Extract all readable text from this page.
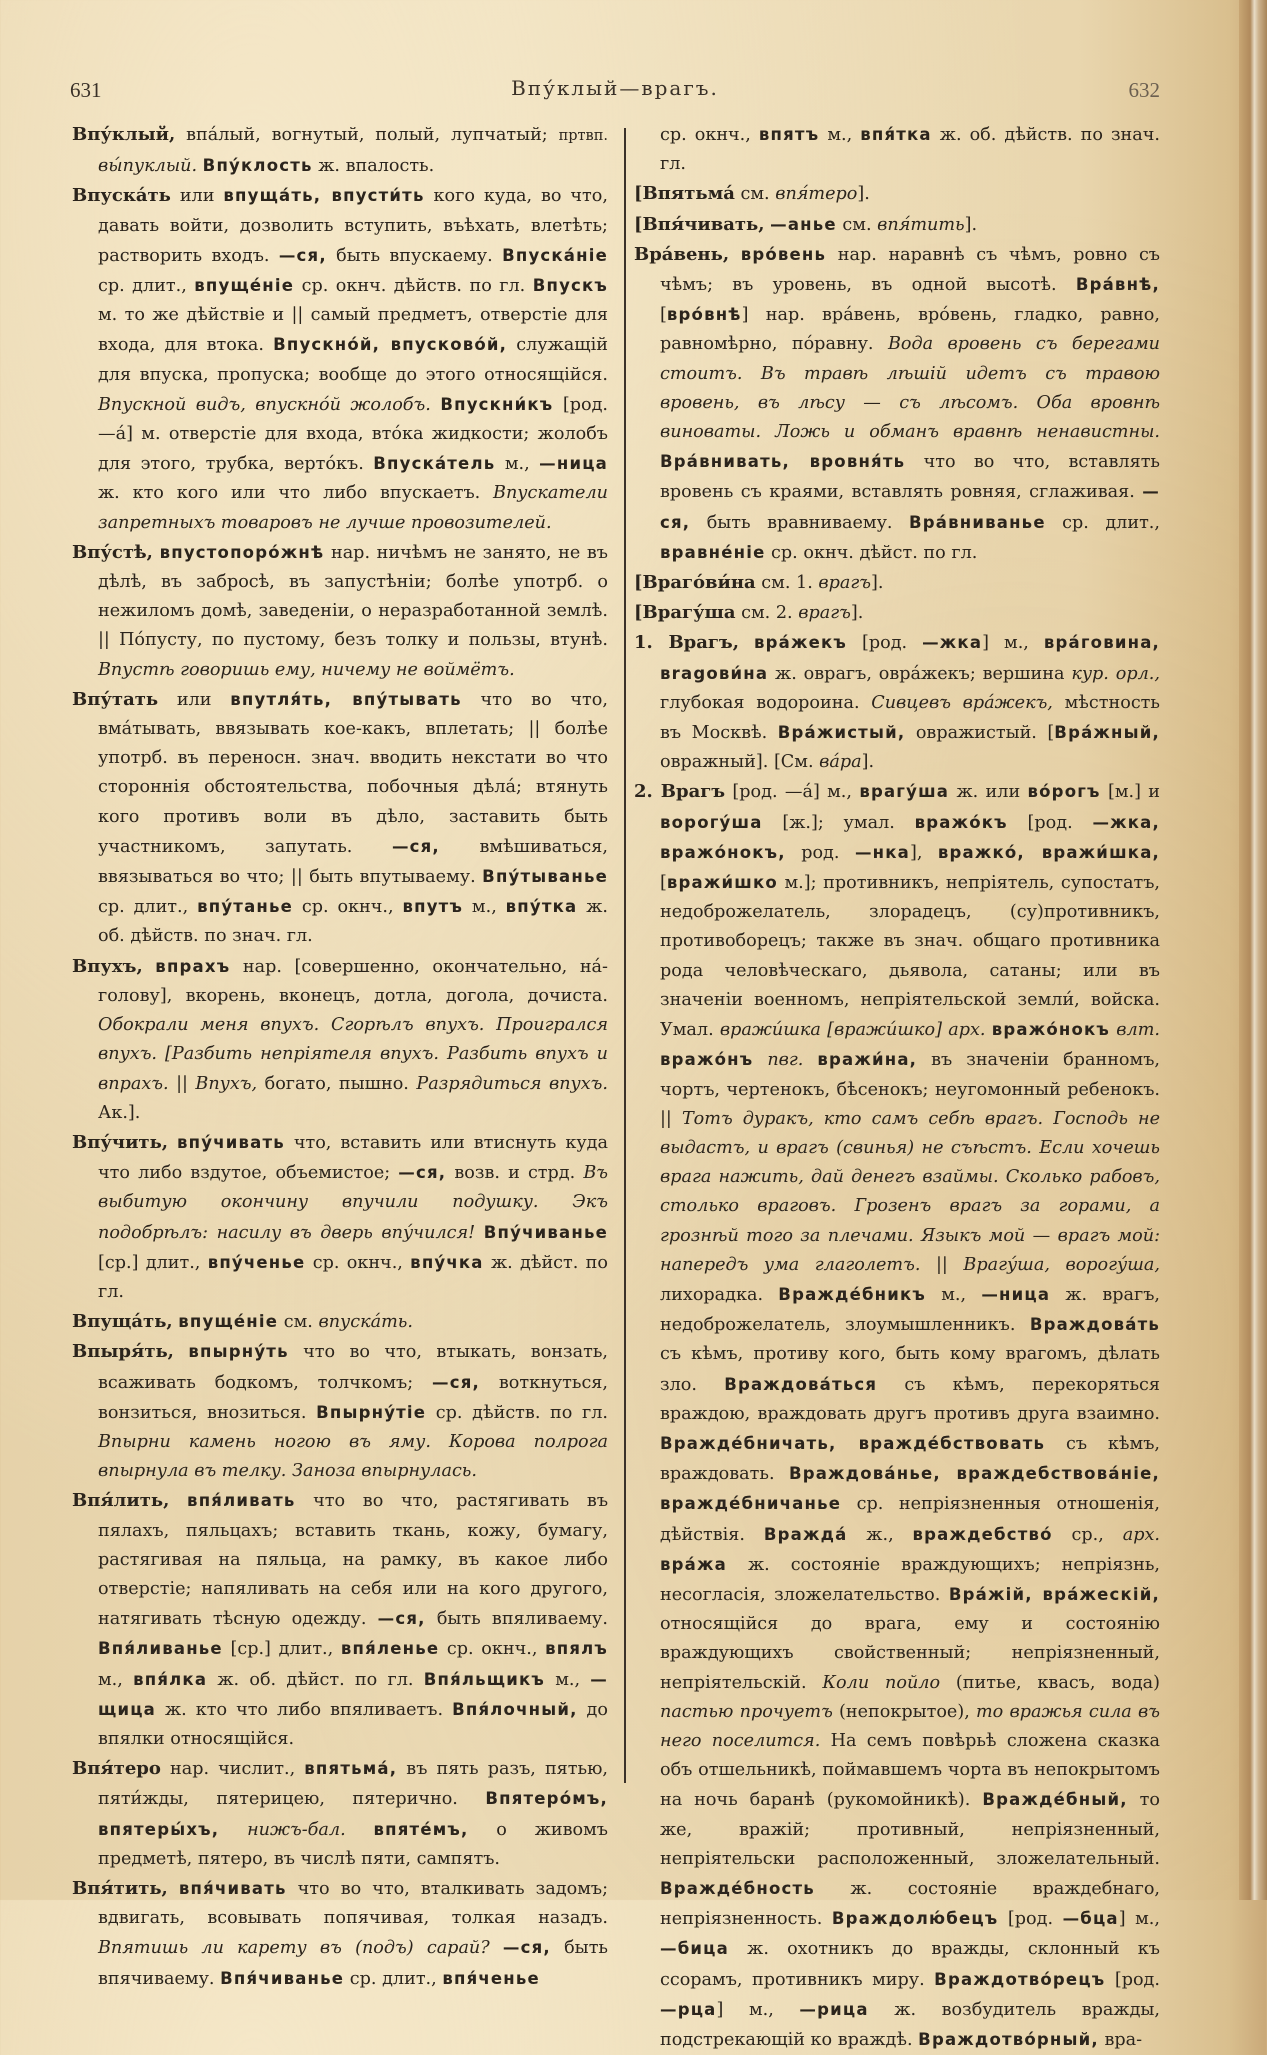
631	Впу́клый—врагъ.	632

Впу́клый, впа́лый, вогнутый, полый, лупчатый; пртвп. вы́пуклый. Впу́клость ж. впалость.

Впуска́ть или впуща́ть, впусти́ть кого куда, во что, давать войти, дозволить вступить, въѣхать, влетѣть; растворить входъ. —ся, быть впускаему. Впуска́ніе ср. длит., впуще́ніе ср. окнч. дѣйств. по гл. Впускъ м. то же дѣйствіе и || самый предметъ, отверстіе для входа, для втока. Впускно́й, впусково́й, служащій для впуска, пропуска; вообще до этого относящійся. Впускной видъ, впускно́й жолобъ. Впускни́къ [род. —а́] м. отверстіе для входа, вто́ка жидкости; жолобъ для этого, трубка, верто́къ. Впуска́тель м., —ница ж. кто кого или что либо впускаетъ. Впускатели запретныхъ товаровъ не лучше провозителей.

Впу́стѣ, впустопоро́жнѣ нар. ничѣмъ не занято, не въ дѣлѣ, въ забросѣ, въ запустѣніи; болѣе употрб. о нежиломъ домѣ, заведеніи, о неразработанной землѣ. || По́пусту, по пустому, безъ толку и пользы, втунѣ. Впустѣ говоришь ему, ничему не воймётъ.

Впу́тать или впутля́ть, впу́тывать что во что, вма́тывать, ввязывать кое-какъ, вплетать; || болѣе употрб. въ переносн. знач. вводить некстати во что стороннія обстоятельства, побочныя дѣла́; втянуть кого противъ воли въ дѣло, заставить быть участникомъ, запутать. —ся, вмѣшиваться, ввязываться во что; || быть впутываему. Впу́тыванье ср. длит., впу́танье ср. окнч., впутъ м., впу́тка ж. об. дѣйств. по знач. гл.

Впухъ, впрахъ нар. [совершенно, окончательно, на́-голову], вкорень, вконецъ, дотла, догола, дочиста. Обокрали меня впухъ. Сгорѣлъ впухъ. Проигрался впухъ. [Разбить непріятеля впухъ. Разбить впухъ и впрахъ. || Впухъ, богато, пышно. Разрядиться впухъ. Ак.].

Впу́чить, впу́чивать что, вставить или втиснуть куда что либо вздутое, объемистое; —ся, возв. и стрд. Въ выбитую окончину впучили подушку. Экъ подобрѣлъ: насилу въ дверь впу́чился! Впу́чиванье [ср.] длит., впу́ченье ср. окнч., впу́чка ж. дѣйст. по гл.

Впуща́ть, впуще́ніе см. впуска́ть.

Впыря́ть, впырну́ть что во что, втыкать, вонзать, всаживать бодкомъ, толчкомъ; —ся, воткнуться, вонзиться, внозиться. Впырну́тіе ср. дѣйств. по гл. Впырни камень ногою въ яму. Корова полрога впырнула въ телку. Заноза впырнулась.

Впя́лить, впя́ливать что во что, растягивать въ пялахъ, пяльцахъ; вставить ткань, кожу, бумагу, растягивая на пяльца, на рамку, въ какое либо отверстіе; напяливать на себя или на кого другого, натягивать тѣсную одежду. —ся, быть впяливаему. Впя́ливанье [ср.] длит., впя́ленье ср. окнч., впялъ м., впя́лка ж. об. дѣйст. по гл. Впя́льщикъ м., —щица ж. кто что либо впяливаетъ. Впя́лочный, до впялки относящійся.

Впя́теро нар. числит., впятьма́, въ пять разъ, пятью, пяти́жды, пятерицею, пятерично. Впятеро́мъ, впятеры́хъ, нижъ-бал. впяте́мъ, о живомъ предметѣ, пятеро, въ числѣ пяти, сампятъ.

Впя́тить, впя́чивать что во что, вталкивать задомъ; вдвигать, всовывать попячивая, толкая назадъ. Впятишь ли карету въ (подъ) сарай? —ся, быть впячиваему. Впя́чиванье ср. длит., впя́ченье

ср. окнч., впятъ м., впя́тка ж. об. дѣйств. по знач. гл.

[Впятьма́ см. впя́теро].

[Впя́чивать, —анье см. впя́тить].

Вра́вень, вро́вень нар. наравнѣ съ чѣмъ, ровно съ чѣмъ; въ уровень, въ одной высотѣ. Вра́внѣ, [вро́внѣ] нар. вра́вень, вро́вень, гладко, равно, равномѣрно, по́равну. Вода вровень съ берегами стоитъ. Въ травѣ лѣшій идетъ съ травою вровень, въ лѣсу — съ лѣсомъ. Оба вровнѣ виноваты. Ложь и обманъ вравнѣ ненавистны. Вра́внивать, вровня́ть что во что, вставлять вровень съ краями, вставлять ровняя, сглаживая. —ся, быть вравниваему. Вра́вниванье ср. длит., вравне́ніе ср. окнч. дѣйст. по гл.

[Враго́ви́на см. 1. врагъ].

[Врагу́ша см. 2. врагъ].

1. Врагъ, вра́жекъ [род. —жка] м., вра́говина, вragови́на ж. оврагъ, овра́жекъ; вершина кур. орл., глубокая водороина. Сивцевъ вра́жекъ, мѣстность въ Москвѣ. Вра́жистый, овражистый. [Вра́жный, овражный]. [См. ва́ра].

2. Врагъ [род. —а́] м., врагу́ша ж. или во́рогъ [м.] и ворогу́ша [ж.]; умал. вражо́къ [род. —жка, вражо́нокъ, род. —нка], вражко́, вражи́шка, [вражи́шко м.]; противникъ, непріятель, супостатъ, недоброжелатель, злорадецъ, (су)противникъ, противоборецъ; также въ знач. общаго противника рода человѣческаго, дьявола, сатаны; или въ значеніи военномъ, непріятельской земли́, войска. Умал. вражи́шка [вражи́шко] арх. вражо́нокъ влт. вражо́нъ пвг. вражи́на, въ значеніи бранномъ, чортъ, чертенокъ, бѣсенокъ; неугомонный ребенокъ. || Тотъ дуракъ, кто самъ себѣ врагъ. Господь не выдастъ, и врагъ (свинья) не съѣстъ. Если хочешь врага нажить, дай денегъ взаймы. Сколько рабовъ, столько враговъ. Грозенъ врагъ за горами, а грознѣй того за плечами. Языкъ мой — врагъ мой: напередъ ума глаголетъ. || Врагу́ша, ворогу́ша, лихорадка. Вражде́бникъ м., —ница ж. врагъ, недоброжелатель, злоумышленникъ. Враждова́ть съ кѣмъ, противу кого, быть кому врагомъ, дѣлать зло. Враждова́ться съ кѣмъ, перекоряться враждою, враждовать другъ противъ друга взаимно. Вражде́бничать, вражде́бствовать съ кѣмъ, враждовать. Враждова́нье, враждебствова́ніе, вражде́бничанье ср. непріязненныя отношенія, дѣйствія. Вражда́ ж., враждебство́ ср., арх. вра́жа ж. состояніе враждующихъ; непріязнь, несогласія, зложелательство. Вра́жій, вра́жескій, относящійся до врага, ему и состоянію враждующихъ свойственный; непріязненный, непріятельскій. Коли пойло (питье, квасъ, вода) пастью прочуетъ (непокрытое), то вражья сила въ него поселится. На семъ повѣрьѣ сложена сказка объ отшельникѣ, поймавшемъ чорта въ непокрытомъ на ночь баранѣ (рукомойникѣ). Вражде́бный, то же, вражій; противный, непріязненный, непріятельски расположенный, зложелательный. Вражде́бность ж. состояніе враждебнаго, непріязненность. Враждолю́бецъ [род. —бца] м., —бица ж. охотникъ до вражды, склонный къ ссорамъ, противникъ миру. Враждотво́рецъ [род. —рца] м., —рица ж. возбудитель вражды, подстрекающій ко враждѣ. Враждотво́рный, вра-
